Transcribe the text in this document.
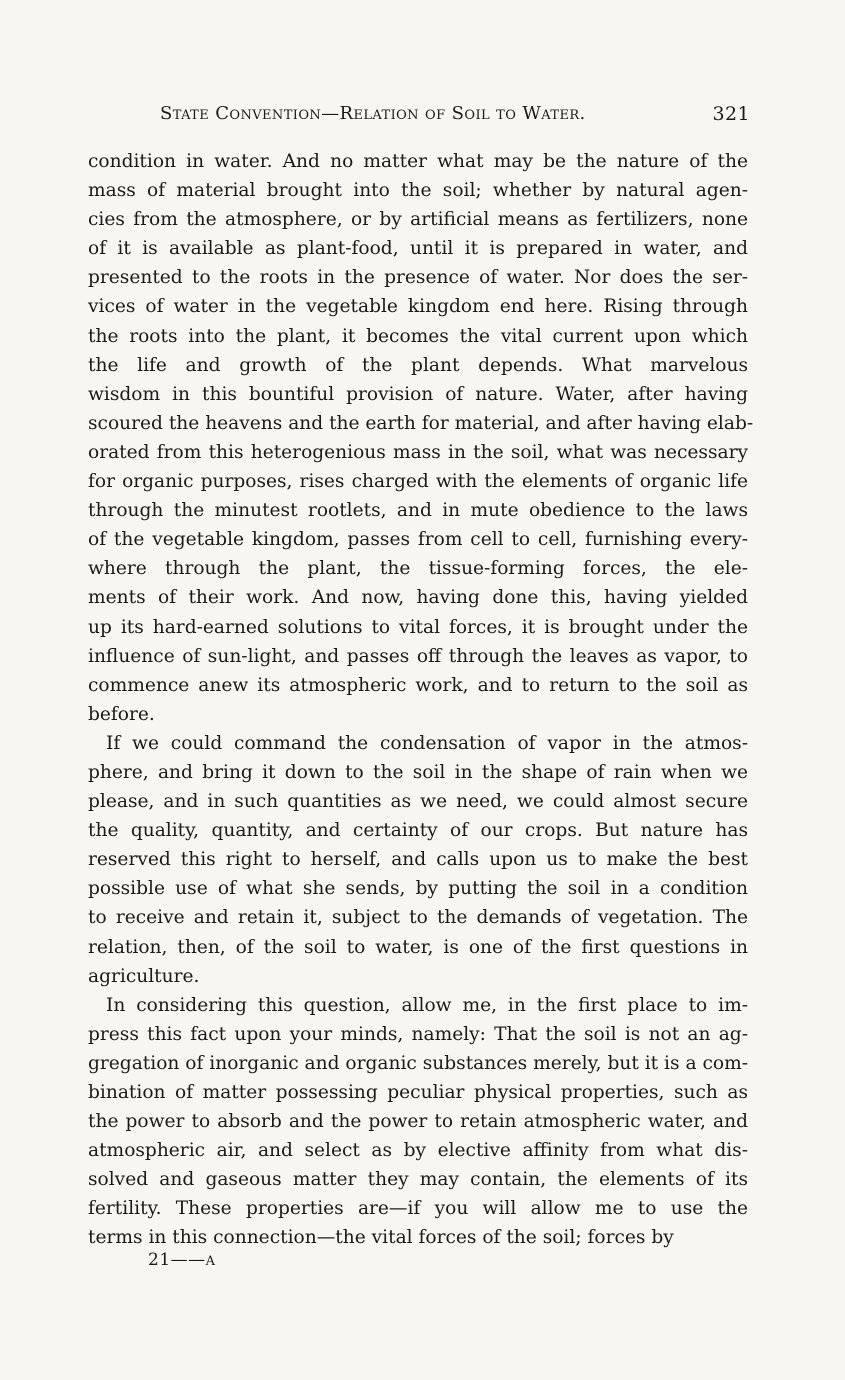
State Convention—Relation of Soil to Water.	321
condition in water. And no matter what may be the nature of the
mass of material brought into the soil; whether by natural agen-
cies from the atmosphere, or by artificial means as fertilizers, none
of it is available as plant-food, until it is prepared in water, and
presented to the roots in the presence of water. Nor does the ser-
vices of water in the vegetable kingdom end here. Rising through
the roots into the plant, it becomes the vital current upon which
the life and growth of the plant depends. What marvelous
wisdom in this bountiful provision of nature. Water, after having
scoured the heavens and the earth for material, and after having elab-
orated from this heterogenious mass in the soil, what was necessary
for organic purposes, rises charged with the elements of organic life
through the minutest rootlets, and in mute obedience to the laws
of the vegetable kingdom, passes from cell to cell, furnishing every-
where through the plant, the tissue-forming forces, the ele-
ments of their work. And now, having done this, having yielded
up its hard-earned solutions to vital forces, it is brought under the
influence of sun-light, and passes off through the leaves as vapor, to
commence anew its atmospheric work, and to return to the soil as
before.
If we could command the condensation of vapor in the atmos-
phere, and bring it down to the soil in the shape of rain when we
please, and in such quantities as we need, we could almost secure
the quality, quantity, and certainty of our crops. But nature has
reserved this right to herself, and calls upon us to make the best
possible use of what she sends, by putting the soil in a condition
to receive and retain it, subject to the demands of vegetation. The
relation, then, of the soil to water, is one of the first questions in
agriculture.
In considering this question, allow me, in the first place to im-
press this fact upon your minds, namely: That the soil is not an ag-
gregation of inorganic and organic substances merely, but it is a com-
bination of matter possessing peculiar physical properties, such as
the power to absorb and the power to retain atmospheric water, and
atmospheric air, and select as by elective affinity from what dis-
solved and gaseous matter they may contain, the elements of its
fertility. These properties are—if you will allow me to use the
terms in this connection—the vital forces of the soil; forces by
21——A
